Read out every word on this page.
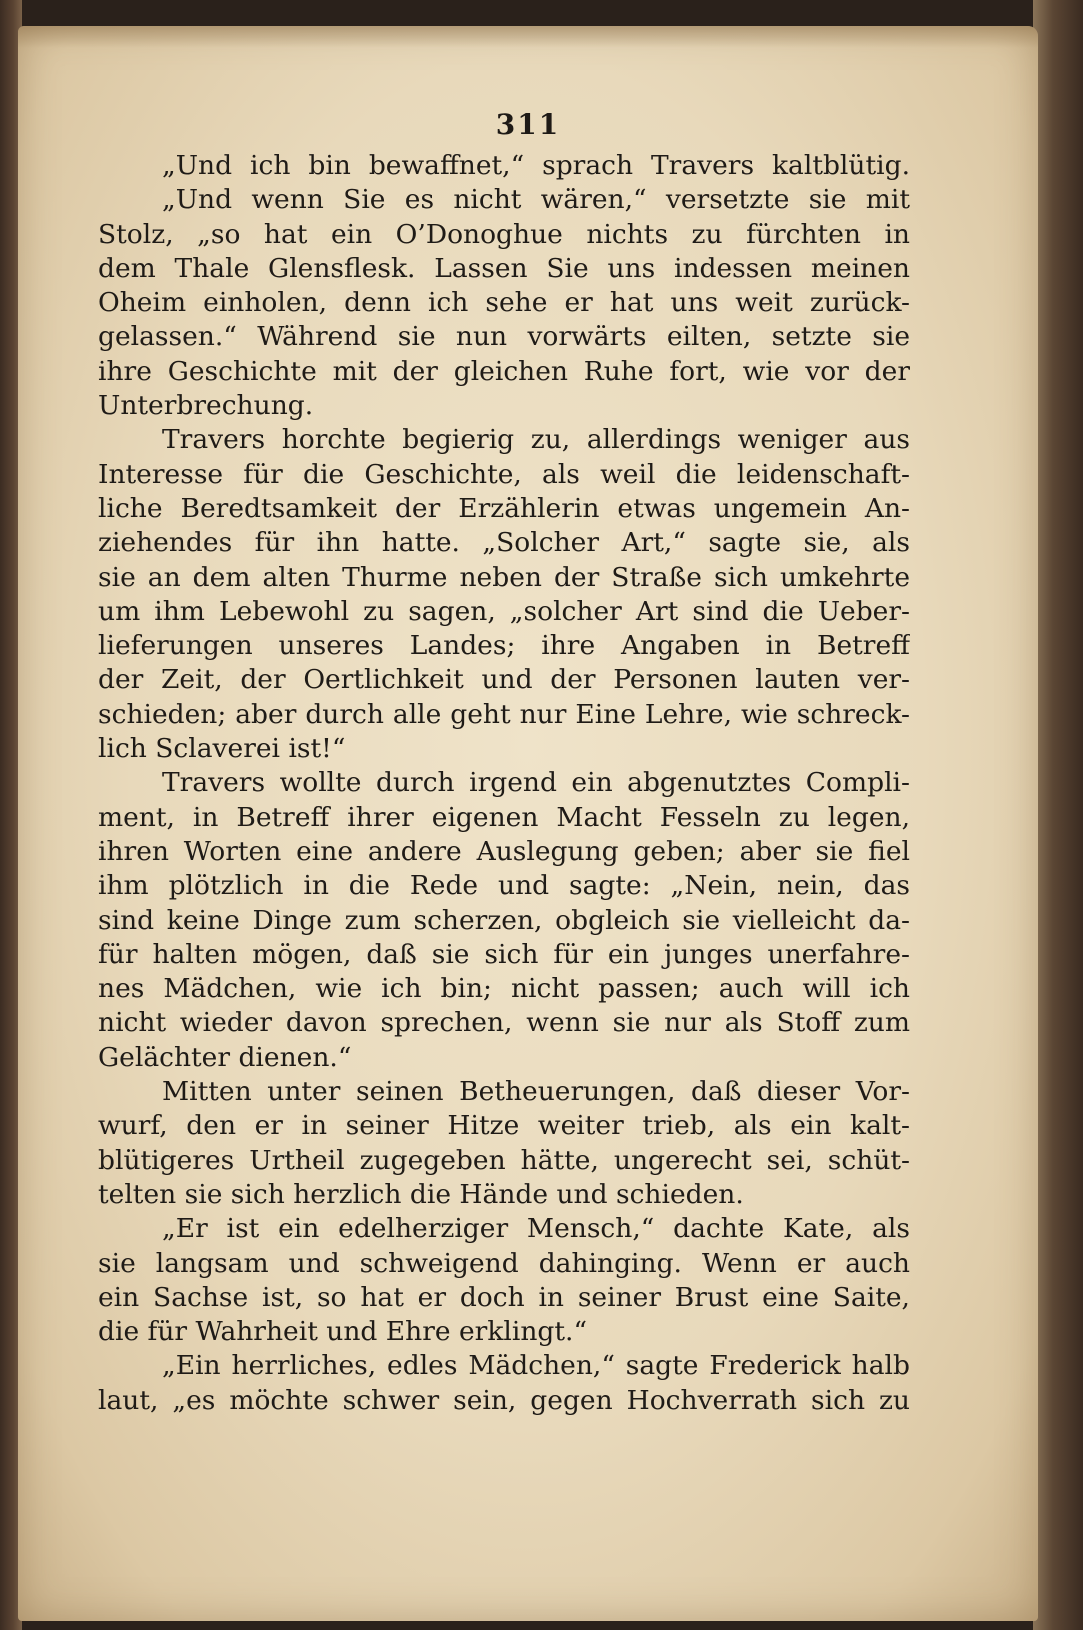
311
„Und ich bin bewaffnet,“ sprach Travers kaltblütig.
„Und wenn Sie es nicht wären,“ versetzte sie mit
Stolz, „so hat ein O’Donoghue nichts zu fürchten in
dem Thale Glensflesk. Lassen Sie uns indessen meinen
Oheim einholen, denn ich sehe er hat uns weit zurück-
gelassen.“ Während sie nun vorwärts eilten, setzte sie
ihre Geschichte mit der gleichen Ruhe fort, wie vor der
Unterbrechung.
Travers horchte begierig zu, allerdings weniger aus
Interesse für die Geschichte, als weil die leidenschaft-
liche Beredtsamkeit der Erzählerin etwas ungemein An-
ziehendes für ihn hatte. „Solcher Art,“ sagte sie, als
sie an dem alten Thurme neben der Straße sich umkehrte
um ihm Lebewohl zu sagen, „solcher Art sind die Ueber-
lieferungen unseres Landes; ihre Angaben in Betreff
der Zeit, der Oertlichkeit und der Personen lauten ver-
schieden; aber durch alle geht nur Eine Lehre, wie schreck-
lich Sclaverei ist!“
Travers wollte durch irgend ein abgenutztes Compli-
ment, in Betreff ihrer eigenen Macht Fesseln zu legen,
ihren Worten eine andere Auslegung geben; aber sie fiel
ihm plötzlich in die Rede und sagte: „Nein, nein, das
sind keine Dinge zum scherzen, obgleich sie vielleicht da-
für halten mögen, daß sie sich für ein junges unerfahre-
nes Mädchen, wie ich bin; nicht passen; auch will ich
nicht wieder davon sprechen, wenn sie nur als Stoff zum
Gelächter dienen.“
Mitten unter seinen Betheuerungen, daß dieser Vor-
wurf, den er in seiner Hitze weiter trieb, als ein kalt-
blütigeres Urtheil zugegeben hätte, ungerecht sei, schüt-
telten sie sich herzlich die Hände und schieden.
„Er ist ein edelherziger Mensch,“ dachte Kate, als
sie langsam und schweigend dahinging. Wenn er auch
ein Sachse ist, so hat er doch in seiner Brust eine Saite,
die für Wahrheit und Ehre erklingt.“
„Ein herrliches, edles Mädchen,“ sagte Frederick halb
laut, „es möchte schwer sein, gegen Hochverrath sich zu
